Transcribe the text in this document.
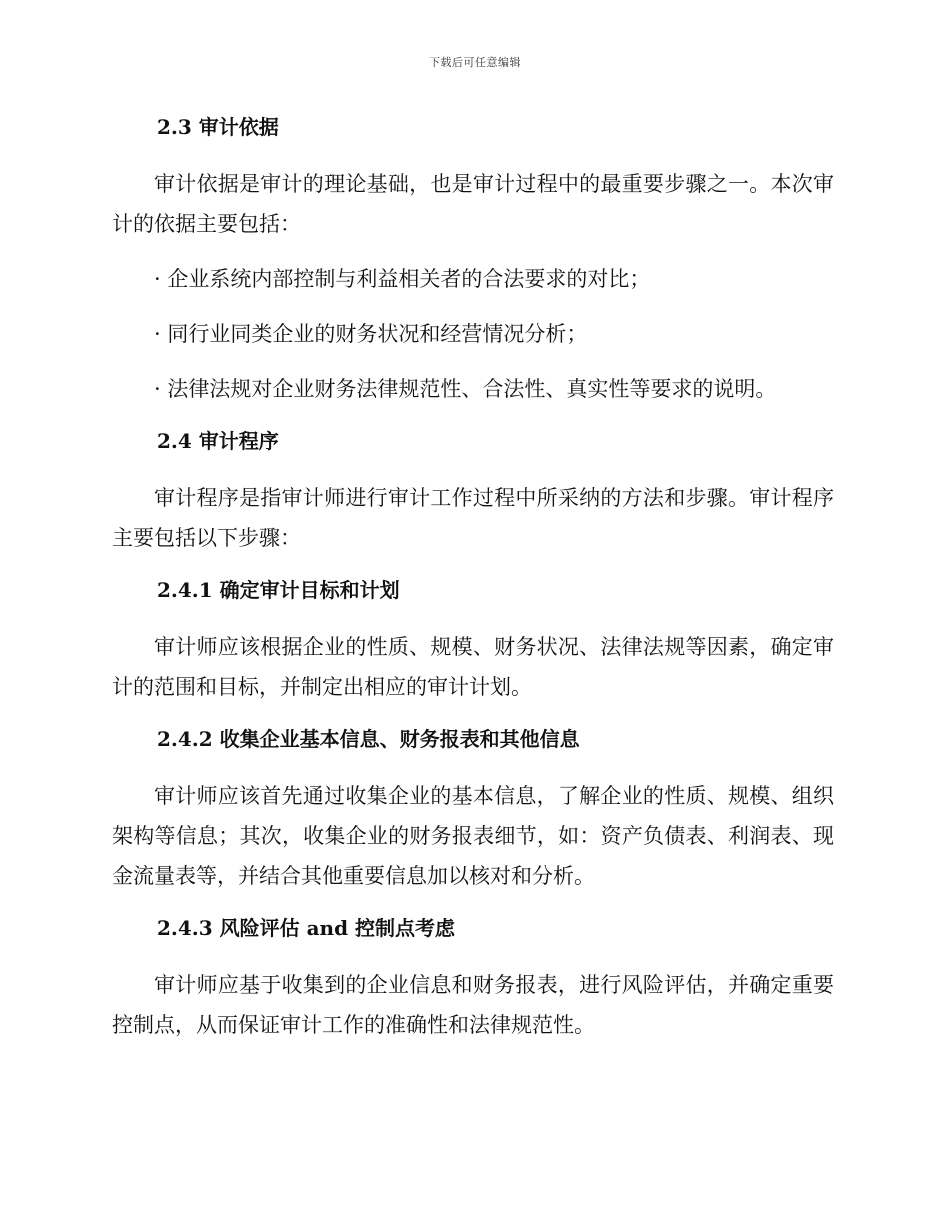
下载后可任意编辑
2.3 审计依据

审计依据是审计的理论基础，也是审计过程中的最重要步骤之一。本次审计的依据主要包括：

· 企业系统内部控制与利益相关者的合法要求的对比；
· 同行业同类企业的财务状况和经营情况分析；
· 法律法规对企业财务法律规范性、合法性、真实性等要求的说明。
2.4 审计程序

审计程序是指审计师进行审计工作过程中所采纳的方法和步骤。审计程序主要包括以下步骤：

2.4.1 确定审计目标和计划

审计师应该根据企业的性质、规模、财务状况、法律法规等因素，确定审计的范围和目标，并制定出相应的审计计划。

2.4.2 收集企业基本信息、财务报表和其他信息

审计师应该首先通过收集企业的基本信息，了解企业的性质、规模、组织架构等信息；其次，收集企业的财务报表细节，如：资产负债表、利润表、现金流量表等，并结合其他重要信息加以核对和分析。

2.4.3 风险评估 and 控制点考虑

审计师应基于收集到的企业信息和财务报表，进行风险评估，并确定重要控制点，从而保证审计工作的准确性和法律规范性。
